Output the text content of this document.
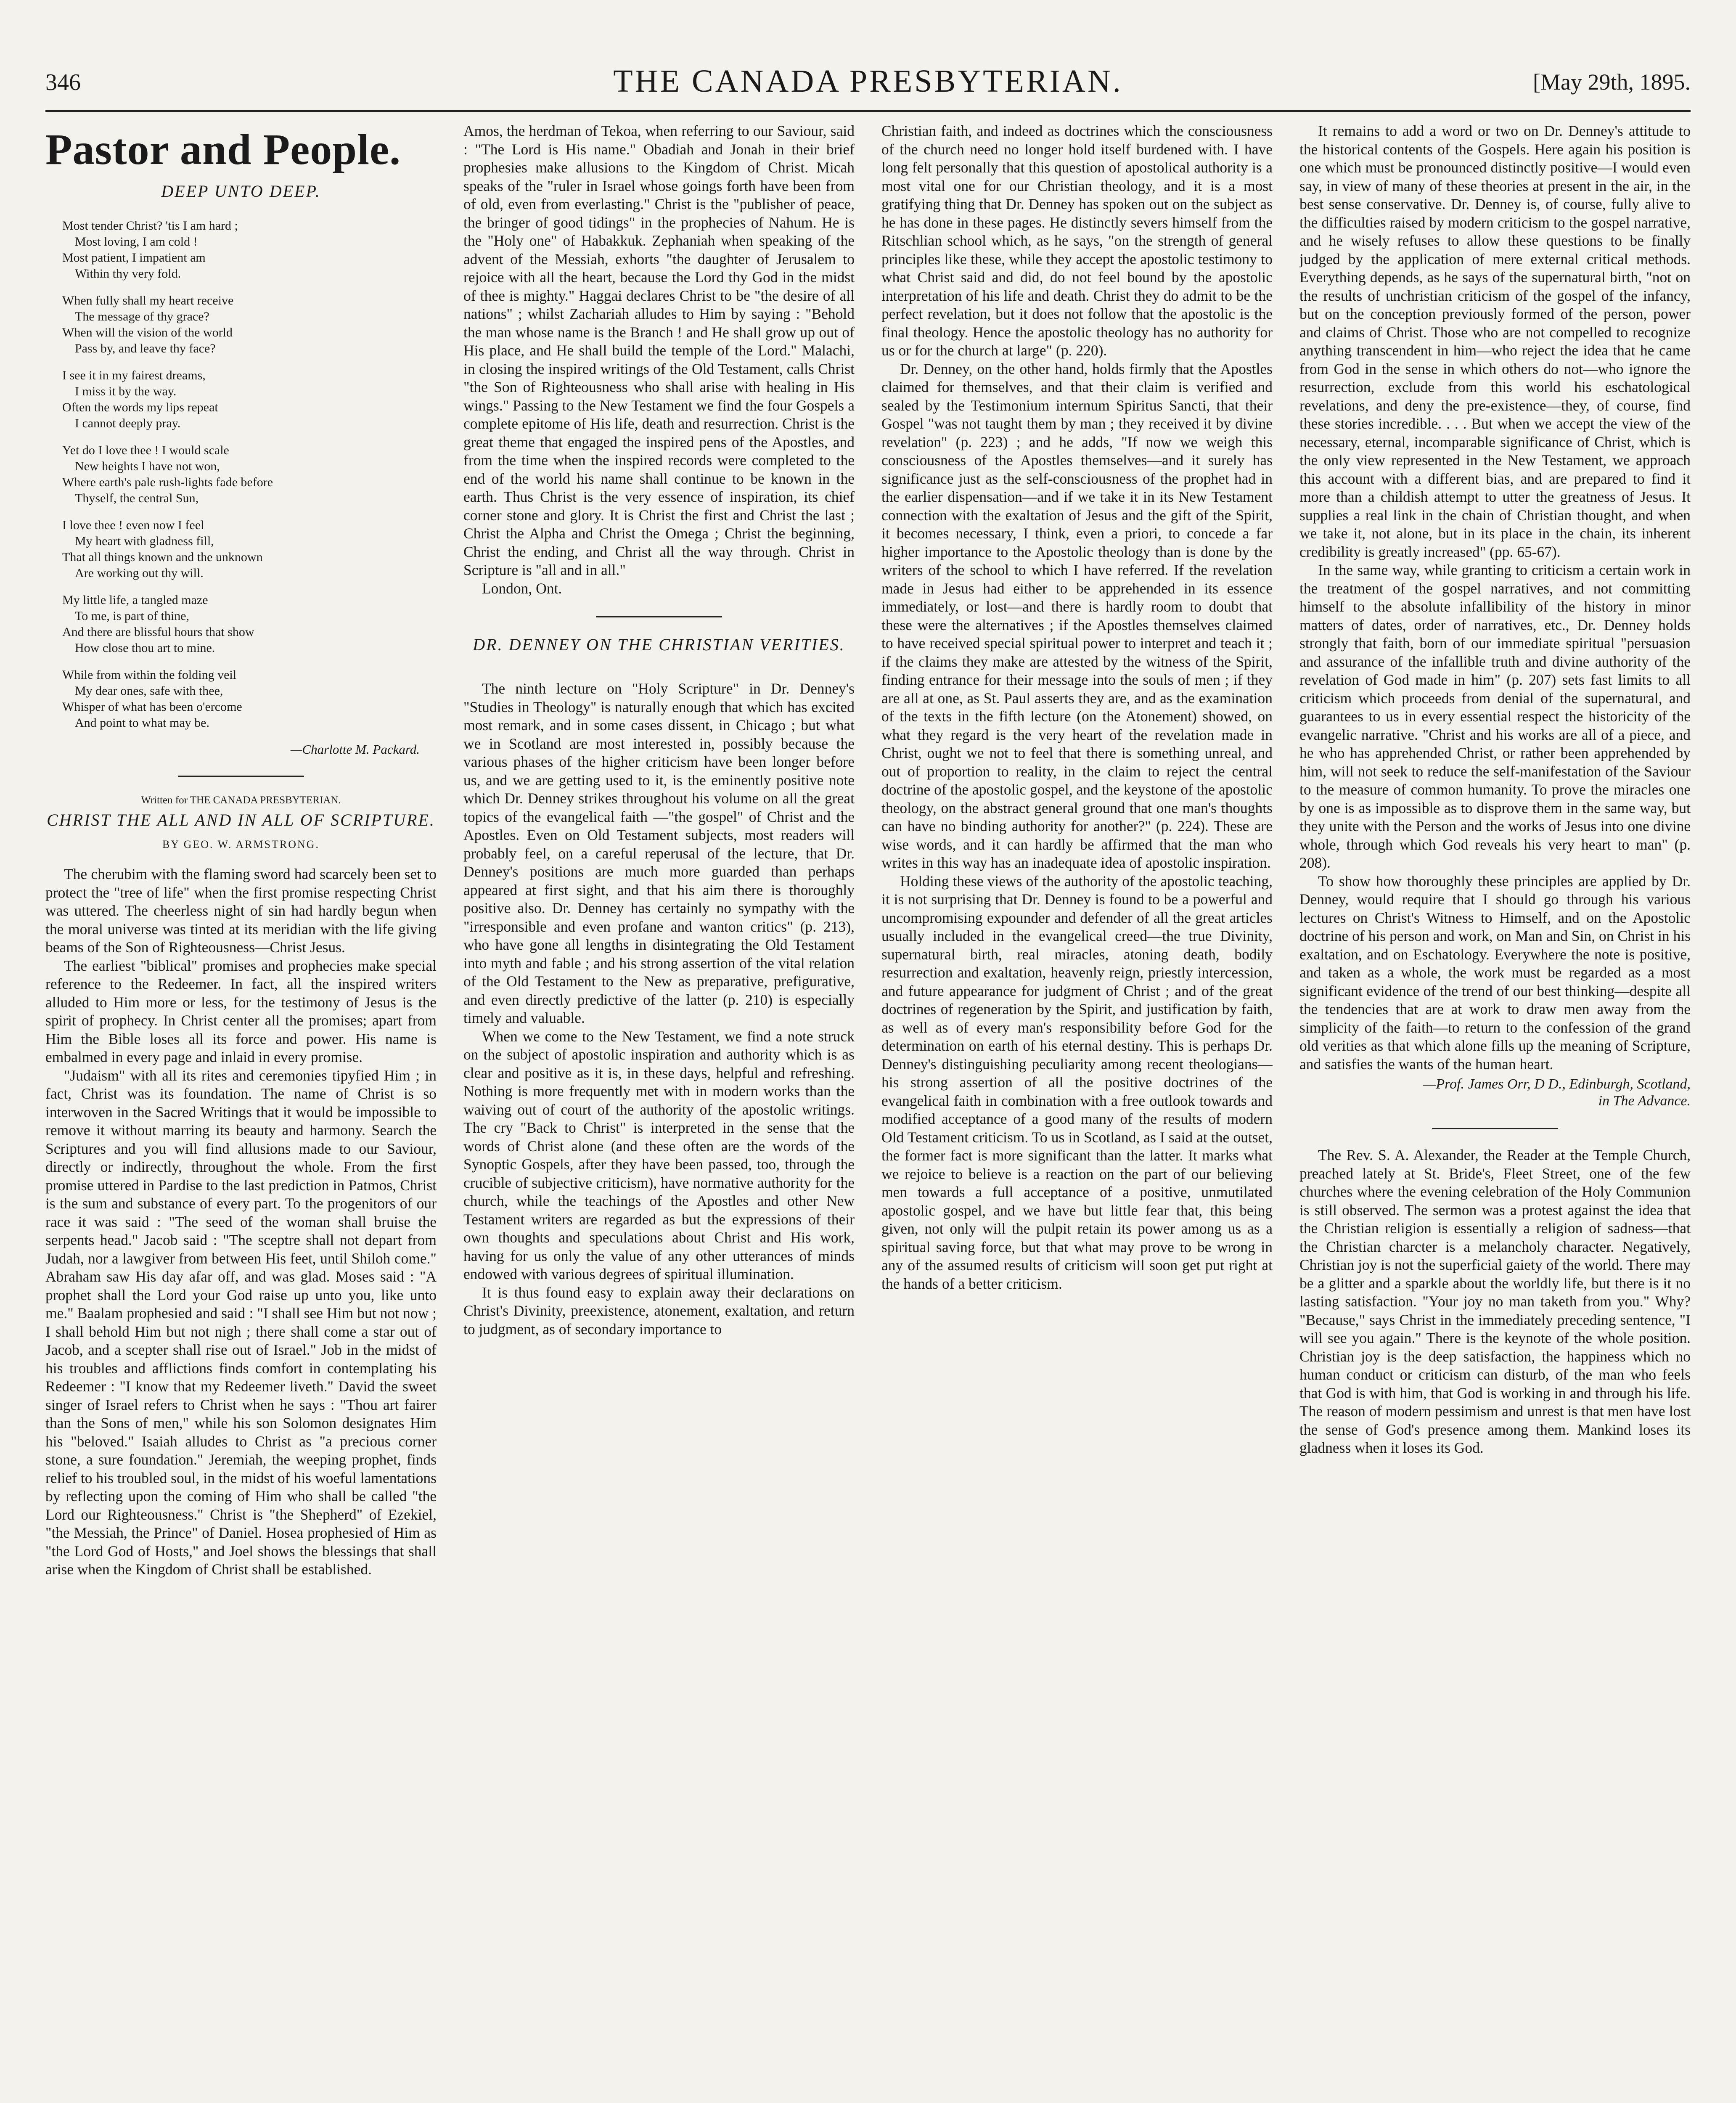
346	THE CANADA PRESBYTERIAN.	[May 29th, 1895.
Pastor and People.
DEEP UNTO DEEP.
Most tender Christ? 'tis I am hard ;
Most loving, I am cold !
Most patient, I impatient am
Within thy very fold.
When fully shall my heart receive
The message of thy grace?
When will the vision of the world
Pass by, and leave thy face?
I see it in my fairest dreams,
I miss it by the way.
Often the words my lips repeat
I cannot deeply pray.
Yet do I love thee ! I would scale
New heights I have not won,
Where earth's pale rush-lights fade before
Thyself, the central Sun,
I love thee ! even now I feel
My heart with gladness fill,
That all things known and the unknown
Are working out thy will.
My little life, a tangled maze
To me, is part of thine,
And there are blissful hours that show
How close thou art to mine.
While from within the folding veil
My dear ones, safe with thee,
Whisper of what has been o'ercome
And point to what may be.
—Charlotte M. Packard.
Written for THE CANADA PRESBYTERIAN.
CHRIST THE ALL AND IN ALL OF SCRIPTURE.
BY GEO. W. ARMSTRONG.

The cherubim with the flaming sword had scarcely been set to protect the "tree of life" when the first promise respecting Christ was uttered. The cheerless night of sin had hardly begun when the moral universe was tinted at its meridian with the life giving beams of the Son of Righteousness—Christ Jesus.

The earliest "biblical" promises and prophecies make special reference to the Redeemer. In fact, all the inspired writers alluded to Him more or less, for the testimony of Jesus is the spirit of prophecy. In Christ center all the promises; apart from Him the Bible loses all its force and power. His name is embalmed in every page and inlaid in every promise.

"Judaism" with all its rites and ceremonies tipyfied Him ; in fact, Christ was its foundation. The name of Christ is so interwoven in the Sacred Writings that it would be impossible to remove it without marring its beauty and harmony. Search the Scriptures and you will find allusions made to our Saviour, directly or indirectly, throughout the whole. From the first promise uttered in Pardise to the last prediction in Patmos, Christ is the sum and substance of every part. To the progenitors of our race it was said : "The seed of the woman shall bruise the serpents head." Jacob said : "The sceptre shall not depart from Judah, nor a lawgiver from between His feet, until Shiloh come." Abraham saw His day afar off, and was glad. Moses said : "A prophet shall the Lord your God raise up unto you, like unto me." Baalam prophesied and said : "I shall see Him but not now ; I shall behold Him but not nigh ; there shall come a star out of Jacob, and a scepter shall rise out of Israel." Job in the midst of his troubles and afflictions finds comfort in contemplating his Redeemer : "I know that my Redeemer liveth." David the sweet singer of Israel refers to Christ when he says : "Thou art fairer than the Sons of men," while his son Solomon designates Him his "beloved." Isaiah alludes to Christ as "a precious corner stone, a sure foundation." Jeremiah, the weeping prophet, finds relief to his troubled soul, in the midst of his woeful lamentations by reflecting upon the coming of Him who shall be called "the Lord our Righteousness." Christ is "the Shepherd" of Ezekiel, "the Messiah, the Prince" of Daniel. Hosea prophesied of Him as "the Lord God of Hosts," and Joel shows the blessings that shall arise when the Kingdom of Christ shall be established.

Amos, the herdman of Tekoa, when referring to our Saviour, said : "The Lord is His name." Obadiah and Jonah in their brief prophesies make allusions to the Kingdom of Christ. Micah speaks of the "ruler in Israel whose goings forth have been from of old, even from everlasting." Christ is the "publisher of peace, the bringer of good tidings" in the prophecies of Nahum. He is the "Holy one" of Habakkuk. Zephaniah when speaking of the advent of the Messiah, exhorts "the daughter of Jerusalem to rejoice with all the heart, because the Lord thy God in the midst of thee is mighty." Haggai declares Christ to be "the desire of all nations" ; whilst Zachariah alludes to Him by saying : "Behold the man whose name is the Branch ! and He shall grow up out of His place, and He shall build the temple of the Lord." Malachi, in closing the inspired writings of the Old Testament, calls Christ "the Son of Righteousness who shall arise with healing in His wings." Passing to the New Testament we find the four Gospels a complete epitome of His life, death and resurrection. Christ is the great theme that engaged the inspired pens of the Apostles, and from the time when the inspired records were completed to the end of the world his name shall continue to be known in the earth. Thus Christ is the very essence of inspiration, its chief corner stone and glory. It is Christ the first and Christ the last ; Christ the Alpha and Christ the Omega ; Christ the beginning, Christ the ending, and Christ all the way through. Christ in Scripture is "all and in all."

London, Ont.
DR. DENNEY ON THE CHRISTIAN VERITIES.

The ninth lecture on "Holy Scripture" in Dr. Denney's "Studies in Theology" is naturally enough that which has excited most remark, and in some cases dissent, in Chicago ; but what we in Scotland are most interested in, possibly because the various phases of the higher criticism have been longer before us, and we are getting used to it, is the eminently positive note which Dr. Denney strikes throughout his volume on all the great topics of the evangelical faith —"the gospel" of Christ and the Apostles. Even on Old Testament subjects, most readers will probably feel, on a careful reperusal of the lecture, that Dr. Denney's positions are much more guarded than perhaps appeared at first sight, and that his aim there is thoroughly positive also. Dr. Denney has certainly no sympathy with the "irresponsible and even profane and wanton critics" (p. 213), who have gone all lengths in disintegrating the Old Testament into myth and fable ; and his strong assertion of the vital relation of the Old Testament to the New as preparative, prefigurative, and even directly predictive of the latter (p. 210) is especially timely and valuable.

When we come to the New Testament, we find a note struck on the subject of apostolic inspiration and authority which is as clear and positive as it is, in these days, helpful and refreshing. Nothing is more frequently met with in modern works than the waiving out of court of the authority of the apostolic writings. The cry "Back to Christ" is interpreted in the sense that the words of Christ alone (and these often are the words of the Synoptic Gospels, after they have been passed, too, through the crucible of subjective criticism), have normative authority for the church, while the teachings of the Apostles and other New Testament writers are regarded as but the expressions of their own thoughts and speculations about Christ and His work, having for us only the value of any other utterances of minds endowed with various degrees of spiritual illumination.

It is thus found easy to explain away their declarations on Christ's Divinity, preexistence, atonement, exaltation, and return to judgment, as of secondary importance to

Christian faith, and indeed as doctrines which the consciousness of the church need no longer hold itself burdened with. I have long felt personally that this question of apostolical authority is a most vital one for our Christian theology, and it is a most gratifying thing that Dr. Denney has spoken out on the subject as he has done in these pages. He distinctly severs himself from the Ritschlian school which, as he says, "on the strength of general principles like these, while they accept the apostolic testimony to what Christ said and did, do not feel bound by the apostolic interpretation of his life and death. Christ they do admit to be the perfect revelation, but it does not follow that the apostolic is the final theology. Hence the apostolic theology has no authority for us or for the church at large" (p. 220).

Dr. Denney, on the other hand, holds firmly that the Apostles claimed for themselves, and that their claim is verified and sealed by the Testimonium internum Spiritus Sancti, that their Gospel "was not taught them by man ; they received it by divine revelation" (p. 223) ; and he adds, "If now we weigh this consciousness of the Apostles themselves—and it surely has significance just as the self-consciousness of the prophet had in the earlier dispensation—and if we take it in its New Testament connection with the exaltation of Jesus and the gift of the Spirit, it becomes necessary, I think, even a priori, to concede a far higher importance to the Apostolic theology than is done by the writers of the school to which I have referred. If the revelation made in Jesus had either to be apprehended in its essence immediately, or lost—and there is hardly room to doubt that these were the alternatives ; if the Apostles themselves claimed to have received special spiritual power to interpret and teach it ; if the claims they make are attested by the witness of the Spirit, finding entrance for their message into the souls of men ; if they are all at one, as St. Paul asserts they are, and as the examination of the texts in the fifth lecture (on the Atonement) showed, on what they regard is the very heart of the revelation made in Christ, ought we not to feel that there is something unreal, and out of proportion to reality, in the claim to reject the central doctrine of the apostolic gospel, and the keystone of the apostolic theology, on the abstract general ground that one man's thoughts can have no binding authority for another?" (p. 224). These are wise words, and it can hardly be affirmed that the man who writes in this way has an inadequate idea of apostolic inspiration.

Holding these views of the authority of the apostolic teaching, it is not surprising that Dr. Denney is found to be a powerful and uncompromising expounder and defender of all the great articles usually included in the evangelical creed—the true Divinity, supernatural birth, real miracles, atoning death, bodily resurrection and exaltation, heavenly reign, priestly intercession, and future appearance for judgment of Christ ; and of the great doctrines of regeneration by the Spirit, and justification by faith, as well as of every man's responsibility before God for the determination on earth of his eternal destiny. This is perhaps Dr. Denney's distinguishing peculiarity among recent theologians—his strong assertion of all the positive doctrines of the evangelical faith in combination with a free outlook towards and modified acceptance of a good many of the results of modern Old Testament criticism. To us in Scotland, as I said at the outset, the former fact is more significant than the latter. It marks what we rejoice to believe is a reaction on the part of our believing men towards a full acceptance of a positive, unmutilated apostolic gospel, and we have but little fear that, this being given, not only will the pulpit retain its power among us as a spiritual saving force, but that what may prove to be wrong in any of the assumed results of criticism will soon get put right at the hands of a better criticism.

It remains to add a word or two on Dr. Denney's attitude to the historical contents of the Gospels. Here again his position is one which must be pronounced distinctly positive—I would even say, in view of many of these theories at present in the air, in the best sense conservative. Dr. Denney is, of course, fully alive to the difficulties raised by modern criticism to the gospel narrative, and he wisely refuses to allow these questions to be finally judged by the application of mere external critical methods. Everything depends, as he says of the supernatural birth, "not on the results of unchristian criticism of the gospel of the infancy, but on the conception previously formed of the person, power and claims of Christ. Those who are not compelled to recognize anything transcendent in him—who reject the idea that he came from God in the sense in which others do not—who ignore the resurrection, exclude from this world his eschatological revelations, and deny the pre-existence—they, of course, find these stories incredible. . . . But when we accept the view of the necessary, eternal, incomparable significance of Christ, which is the only view represented in the New Testament, we approach this account with a different bias, and are prepared to find it more than a childish attempt to utter the greatness of Jesus. It supplies a real link in the chain of Christian thought, and when we take it, not alone, but in its place in the chain, its inherent credibility is greatly increased" (pp. 65-67).

In the same way, while granting to criticism a certain work in the treatment of the gospel narratives, and not committing himself to the absolute infallibility of the history in minor matters of dates, order of narratives, etc., Dr. Denney holds strongly that faith, born of our immediate spiritual "persuasion and assurance of the infallible truth and divine authority of the revelation of God made in him" (p. 207) sets fast limits to all criticism which proceeds from denial of the supernatural, and guarantees to us in every essential respect the historicity of the evangelic narrative. "Christ and his works are all of a piece, and he who has apprehended Christ, or rather been apprehended by him, will not seek to reduce the self-manifestation of the Saviour to the measure of common humanity. To prove the miracles one by one is as impossible as to disprove them in the same way, but they unite with the Person and the works of Jesus into one divine whole, through which God reveals his very heart to man" (p. 208).

To show how thoroughly these principles are applied by Dr. Denney, would require that I should go through his various lectures on Christ's Witness to Himself, and on the Apostolic doctrine of his person and work, on Man and Sin, on Christ in his exaltation, and on Eschatology. Everywhere the note is positive, and taken as a whole, the work must be regarded as a most significant evidence of the trend of our best thinking—despite all the tendencies that are at work to draw men away from the simplicity of the faith—to return to the confession of the grand old verities as that which alone fills up the meaning of Scripture, and satisfies the wants of the human heart.

—Prof. James Orr, D D., Edinburgh, Scotland,
in The Advance.

The Rev. S. A. Alexander, the Reader at the Temple Church, preached lately at St. Bride's, Fleet Street, one of the few churches where the evening celebration of the Holy Communion is still observed. The sermon was a protest against the idea that the Christian religion is essentially a religion of sadness—that the Christian charcter is a melancholy character. Negatively, Christian joy is not the superficial gaiety of the world. There may be a glitter and a sparkle about the worldly life, but there is it no lasting satisfaction. "Your joy no man taketh from you." Why? "Because," says Christ in the immediately preceding sentence, "I will see you again." There is the keynote of the whole position. Christian joy is the deep satisfaction, the happiness which no human conduct or criticism can disturb, of the man who feels that God is with him, that God is working in and through his life. The reason of modern pessimism and unrest is that men have lost the sense of God's presence among them. Mankind loses its gladness when it loses its God.
